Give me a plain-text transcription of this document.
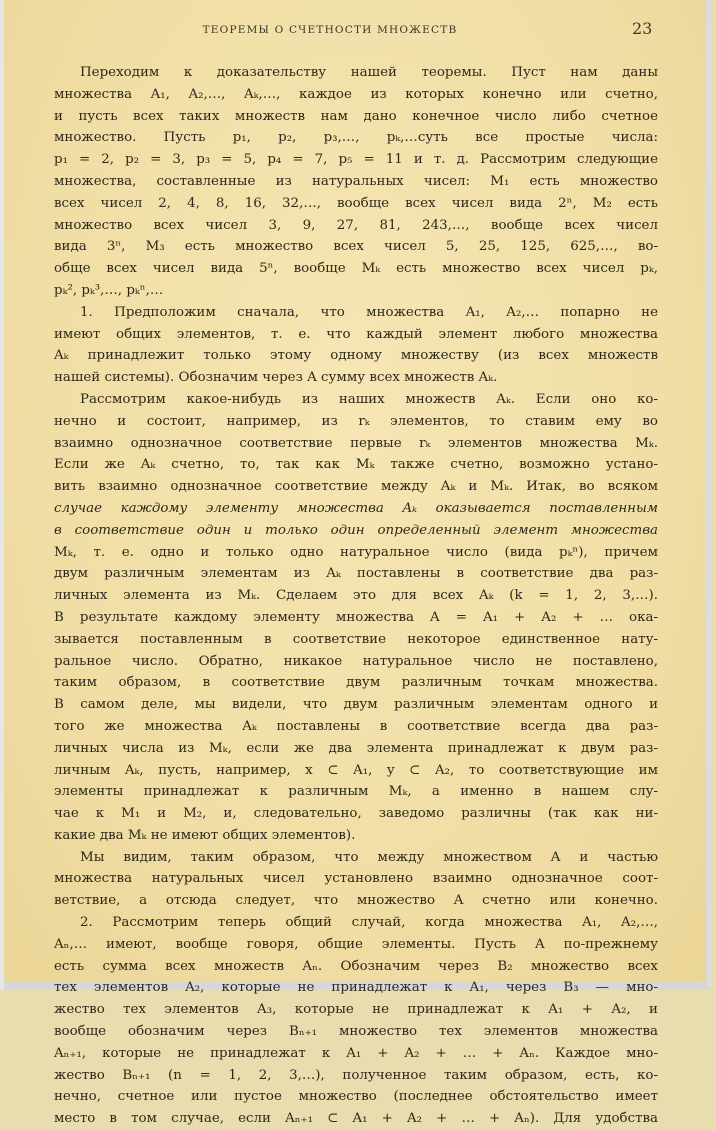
ТЕОРЕМЫ О СЧЕТНОСТИ МНОЖЕСТВ	23
Переходим к доказательству нашей теоремы. Пуст нам даны
множества A₁, A₂,…, Aₖ,…, каждое из которых конечно или счетно,
и пусть всех таких множеств нам дано конечное число либо счетное
множество. Пусть p₁, p₂, p₃,…, pₖ,…суть все простые числа:
p₁ = 2, p₂ = 3, p₃ = 5, p₄ = 7, p₅ = 11 и т. д. Рассмотрим следующие
множества, составленные из натуральных чисел: M₁ есть множество
всех чисел 2, 4, 8, 16, 32,…, вообще всех чисел вида 2ⁿ, M₂ есть
множество всех чисел 3, 9, 27, 81, 243,…, вообще всех чисел
вида 3ⁿ, M₃ есть множество всех чисел 5, 25, 125, 625,…, во-
обще всех чисел вида 5ⁿ, вообще Mₖ есть множество всех чисел pₖ,
pₖ², pₖ³,…, pₖⁿ,…
1. Предположим сначала, что множества A₁, A₂,… попарно не
имеют общих элементов, т. е. что каждый элемент любого множества
Aₖ принадлежит только этому одному множеству (из всех множеств
нашей системы). Обозначим через A сумму всех множеств Aₖ.
Рассмотрим какое-нибудь из наших множеств Aₖ. Если оно ко-
нечно и состоит, например, из rₖ элементов, то ставим ему во
взаимно однозначное соответствие первые rₖ элементов множества Mₖ.
Если же Aₖ счетно, то, так как Mₖ также счетно, возможно устано-
вить взаимно однозначное соответствие между Aₖ и Mₖ. Итак, во всяком
случае каждому элементу множества Aₖ оказывается поставленным
в соответствие один и только один определенный элемент множества
Mₖ, т. е. одно и только одно натуральное число (вида pₖⁿ), причем
двум различным элементам из Aₖ поставлены в соответствие два раз-
личных элемента из Mₖ. Сделаем это для всех Aₖ (k = 1, 2, 3,…).
В результате каждому элементу множества A = A₁ + A₂ + … ока-
зывается поставленным в соответствие некоторое единственное нату-
ральное число. Обратно, никакое натуральное число не поставлено,
таким образом, в соответствие двум различным точкам множества.
В самом деле, мы видели, что двум различным элементам одного и
того же множества Aₖ поставлены в соответствие всегда два раз-
личных числа из Mₖ, если же два элемента принадлежат к двум раз-
личным Aₖ, пусть, например, x ⊂ A₁, y ⊂ A₂, то соответствующие им
элементы принадлежат к различным Mₖ, а именно в нашем слу-
чае к M₁ и M₂, и, следовательно, заведомо различны (так как ни-
какие два Mₖ не имеют общих элементов).
Мы видим, таким образом, что между множеством A и частью
множества натуральных чисел установлено взаимно однозначное соот-
ветствие, а отсюда следует, что множество A счетно или конечно.
2. Рассмотрим теперь общий случай, когда множества A₁, A₂,…,
Aₙ,… имеют, вообще говоря, общие элементы. Пусть A по-прежнему
есть сумма всех множеств Aₙ. Обозначим через B₂ множество всех
тех элементов A₂, которые не принадлежат к A₁, через B₃ — мно-
жество тех элементов A₃, которые не принадлежат к A₁ + A₂, и
вообще обозначим через Bₙ₊₁ множество тех элементов множества
Aₙ₊₁, которые не принадлежат к A₁ + A₂ + … + Aₙ. Каждое мно-
жество Bₙ₊₁ (n = 1, 2, 3,…), полученное таким образом, есть, ко-
нечно, счетное или пустое множество (последнее обстоятельство имеет
место в том случае, если Aₙ₊₁ ⊂ A₁ + A₂ + … + Aₙ). Для удобства
